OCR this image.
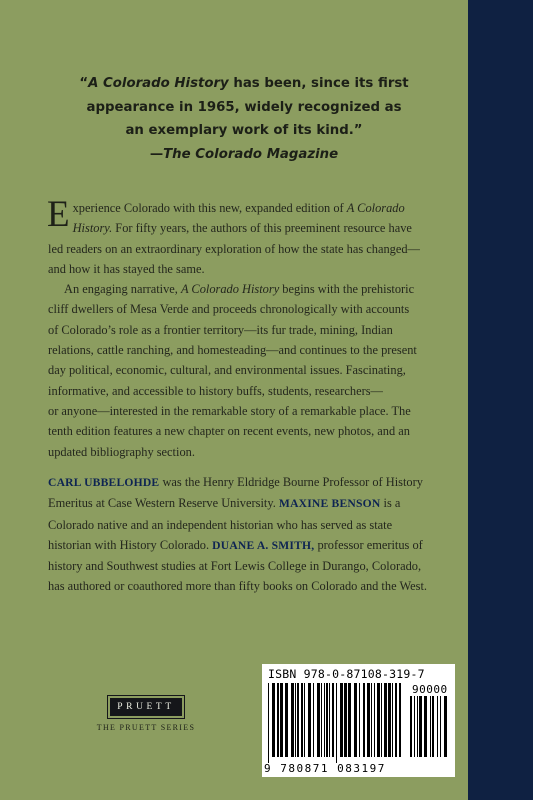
“A Colorado History has been, since its first
appearance in 1965, widely recognized as
an exemplary work of its kind.”
—The Colorado Magazine
E xperience Colorado with this new, expanded edition of A Colorado
History. For fifty years, the authors of this preeminent resource have
led readers on an extraordinary exploration of how the state has changed—
and how it has stayed the same.
An engaging narrative, A Colorado History begins with the prehistoric
cliff dwellers of Mesa Verde and proceeds chronologically with accounts
of Colorado’s role as a frontier territory—its fur trade, mining, Indian
relations, cattle ranching, and homesteading—and continues to the present
day political, economic, cultural, and environmental issues. Fascinating,
informative, and accessible to history buffs, students, researchers—
or anyone—interested in the remarkable story of a remarkable place. The
tenth edition features a new chapter on recent events, new photos, and an
updated bibliography section.
CARL UBBELOHDE was the Henry Eldridge Bourne Professor of History
Emeritus at Case Western Reserve University. MAXINE BENSON is a
Colorado native and an independent historian who has served as state
historian with History Colorado. DUANE A. SMITH, professor emeritus of
history and Southwest studies at Fort Lewis College in Durango, Colorado,
has authored or coauthored more than fifty books on Colorado and the West.
PRUETT
THE PRUETT SERIES
ISBN 978-0-87108-319-7
90000
9 780871 083197
